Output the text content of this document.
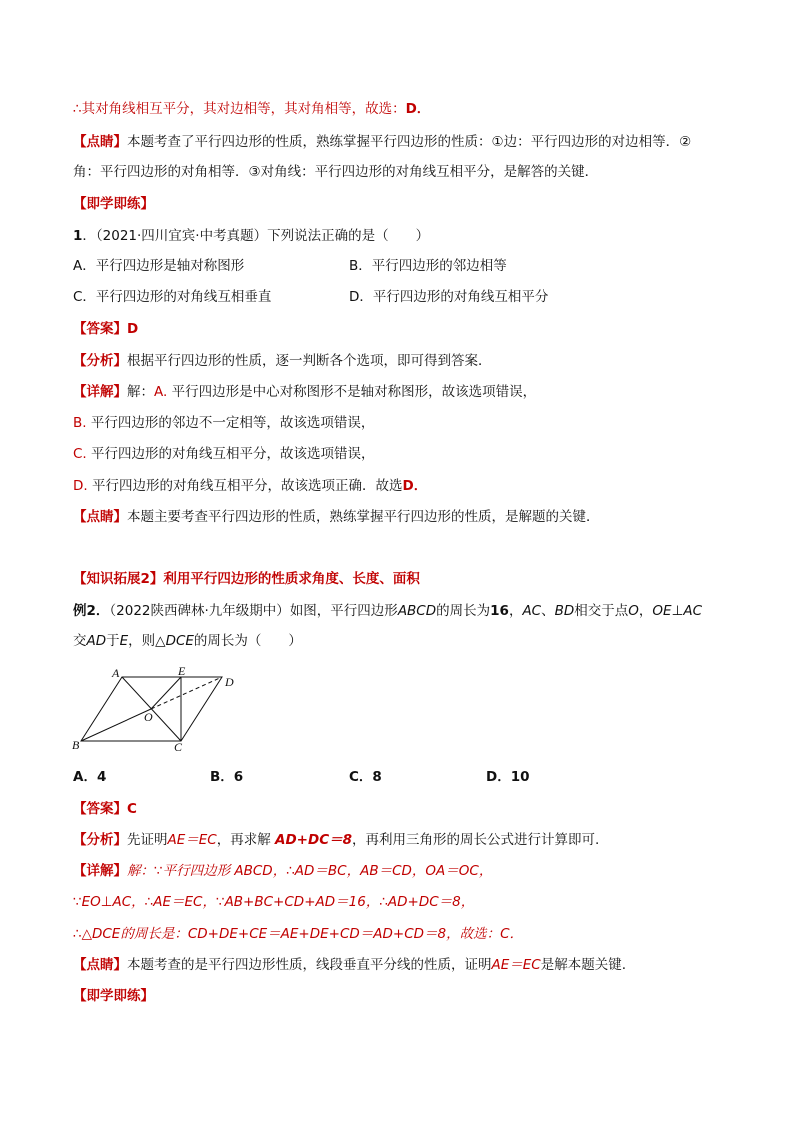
∴其对角线相互平分，其对边相等，其对角相等，故选：D．
【点睛】本题考查了平行四边形的性质，熟练掌握平行四边形的性质：①边：平行四边形的对边相等．②
角：平行四边形的对角相等．③对角线：平行四边形的对角线互相平分，是解答的关键．
【即学即练】
1．（2021·四川宜宾·中考真题）下列说法正确的是（　　）
A．平行四边形是轴对称图形	B．平行四边形的邻边相等
C．平行四边形的对角线互相垂直	D．平行四边形的对角线互相平分
【答案】D
【分析】根据平行四边形的性质，逐一判断各个选项，即可得到答案．
【详解】解：A. 平行四边形是中心对称图形不是轴对称图形，故该选项错误，
B. 平行四边形的邻边不一定相等，故该选项错误，
C. 平行四边形的对角线互相平分，故该选项错误，
D. 平行四边形的对角线互相平分，故该选项正确．故选D．
【点睛】本题主要考查平行四边形的性质，熟练掌握平行四边形的性质，是解题的关键．
【知识拓展2】利用平行四边形的性质求角度、长度、面积
例2．（2022陕西碑林·九年级期中）如图，平行四边形ABCD的周长为16，AC、BD相交于点O，OE⊥AC
交AD于E，则△DCE的周长为（　　）
A	E
D
O
B	C
A．4	B．6	C．8	D．10
【答案】C
【分析】先证明AE＝EC，再求解 AD+DC＝8，再利用三角形的周长公式进行计算即可.
【详解】解：∵平行四边形 ABCD，∴AD＝BC，AB＝CD，OA＝OC，
∵EO⊥AC，∴AE＝EC，∵AB+BC+CD+AD＝16，∴AD+DC＝8，
∴△DCE的周长是：CD+DE+CE＝AE+DE+CD＝AD+CD＝8，故选：C．
【点睛】本题考查的是平行四边形性质，线段垂直平分线的性质，证明AE＝EC是解本题关键.
【即学即练】
